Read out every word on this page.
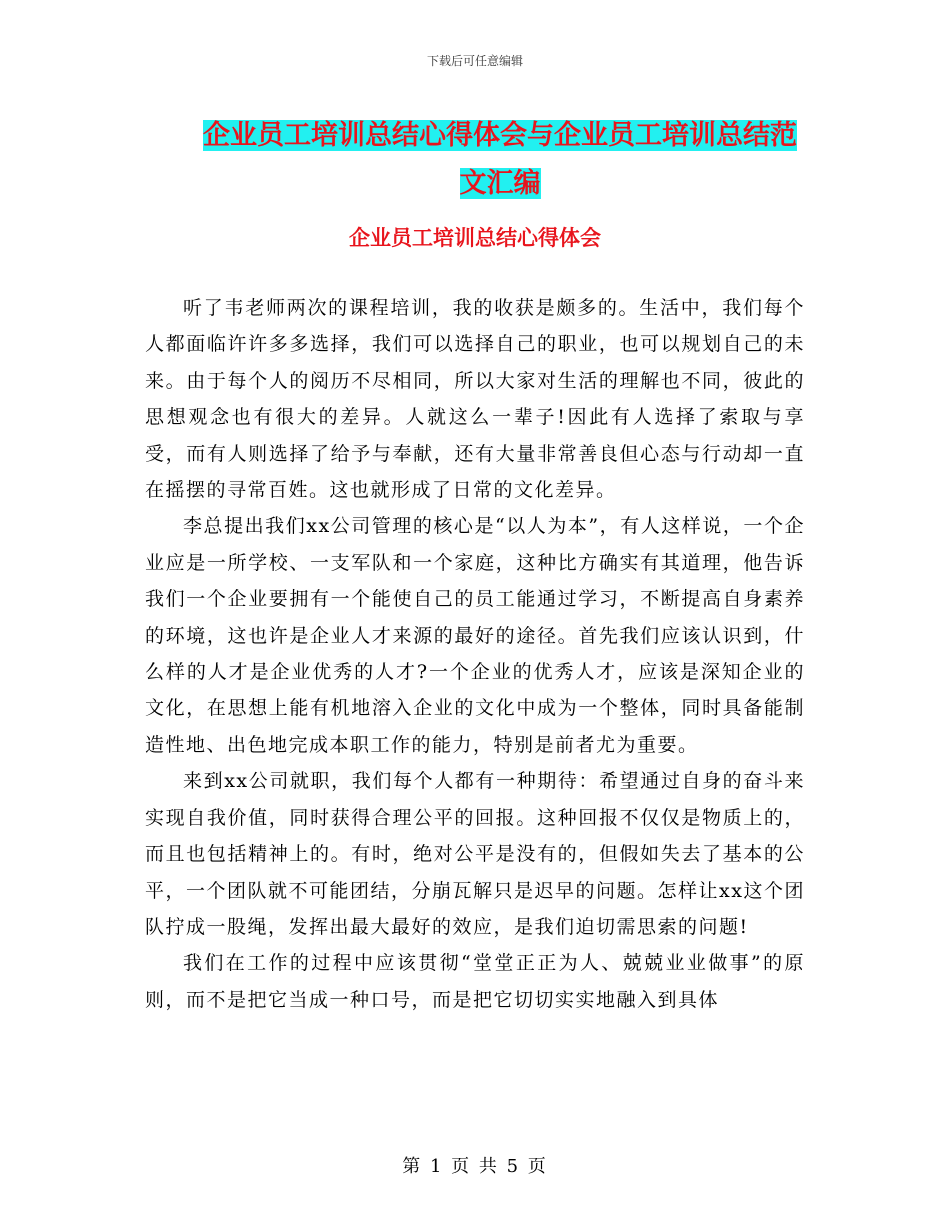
下载后可任意编辑
企业员工培训总结心得体会与企业员工培训总结范文汇编
企业员工培训总结心得体会

听了韦老师两次的课程培训，我的收获是颇多的。生活中，我们每个人都面临许许多多选择，我们可以选择自己的职业，也可以规划自己的未来。由于每个人的阅历不尽相同，所以大家对生活的理解也不同，彼此的思想观念也有很大的差异。人就这么一辈子!因此有人选择了索取与享受，而有人则选择了给予与奉献，还有大量非常善良但心态与行动却一直在摇摆的寻常百姓。这也就形成了日常的文化差异。

李总提出我们xx公司管理的核心是“以人为本”，有人这样说，一个企业应是一所学校、一支军队和一个家庭，这种比方确实有其道理，他告诉我们一个企业要拥有一个能使自己的员工能通过学习，不断提高自身素养的环境，这也许是企业人才来源的最好的途径。首先我们应该认识到，什么样的人才是企业优秀的人才?一个企业的优秀人才，应该是深知企业的文化，在思想上能有机地溶入企业的文化中成为一个整体，同时具备能制造性地、出色地完成本职工作的能力，特别是前者尤为重要。

来到xx公司就职，我们每个人都有一种期待：希望通过自身的奋斗来实现自我价值，同时获得合理公平的回报。这种回报不仅仅是物质上的，而且也包括精神上的。有时，绝对公平是没有的，但假如失去了基本的公平，一个团队就不可能团结，分崩瓦解只是迟早的问题。怎样让xx这个团队拧成一股绳，发挥出最大最好的效应，是我们迫切需思索的问题!

我们在工作的过程中应该贯彻“堂堂正正为人、兢兢业业做事”的原则，而不是把它当成一种口号，而是把它切切实实地融入到具体

第 1 页 共 5 页
